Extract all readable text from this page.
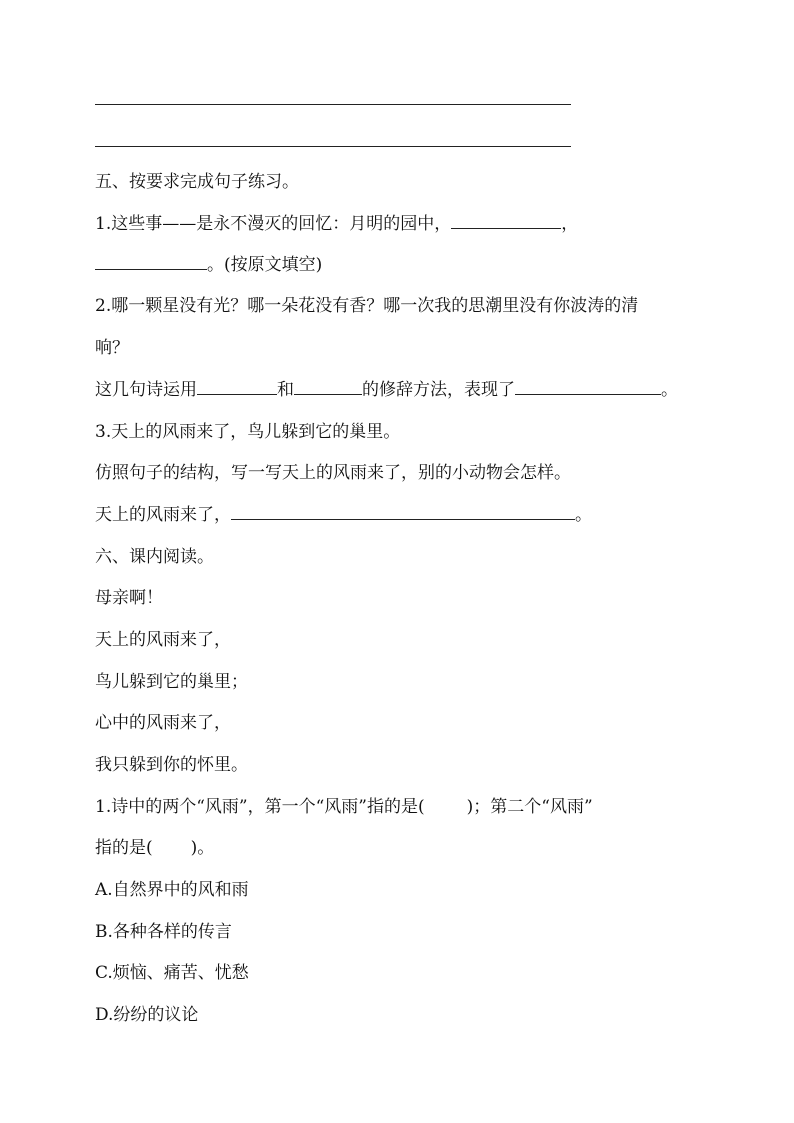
五、按要求完成句子练习。
1.这些事——是永不漫灭的回忆：月明的园中，	，
。(按原文填空)
2.哪一颗星没有光？哪一朵花没有香？哪一次我的思潮里没有你波涛的清
响？
这几句诗运用	和	的修辞方法，表现了	。
3.天上的风雨来了，鸟儿躲到它的巢里。
仿照句子的结构，写一写天上的风雨来了，别的小动物会怎样。
天上的风雨来了，	。
六、课内阅读。
母亲啊！
天上的风雨来了，
鸟儿躲到它的巢里；
心中的风雨来了，
我只躲到你的怀里。
1.诗中的两个“风雨”，第一个“风雨”指的是( )；第二个“风雨”
指的是( )。
A.自然界中的风和雨
B.各种各样的传言
C.烦恼、痛苦、忧愁
D.纷纷的议论
